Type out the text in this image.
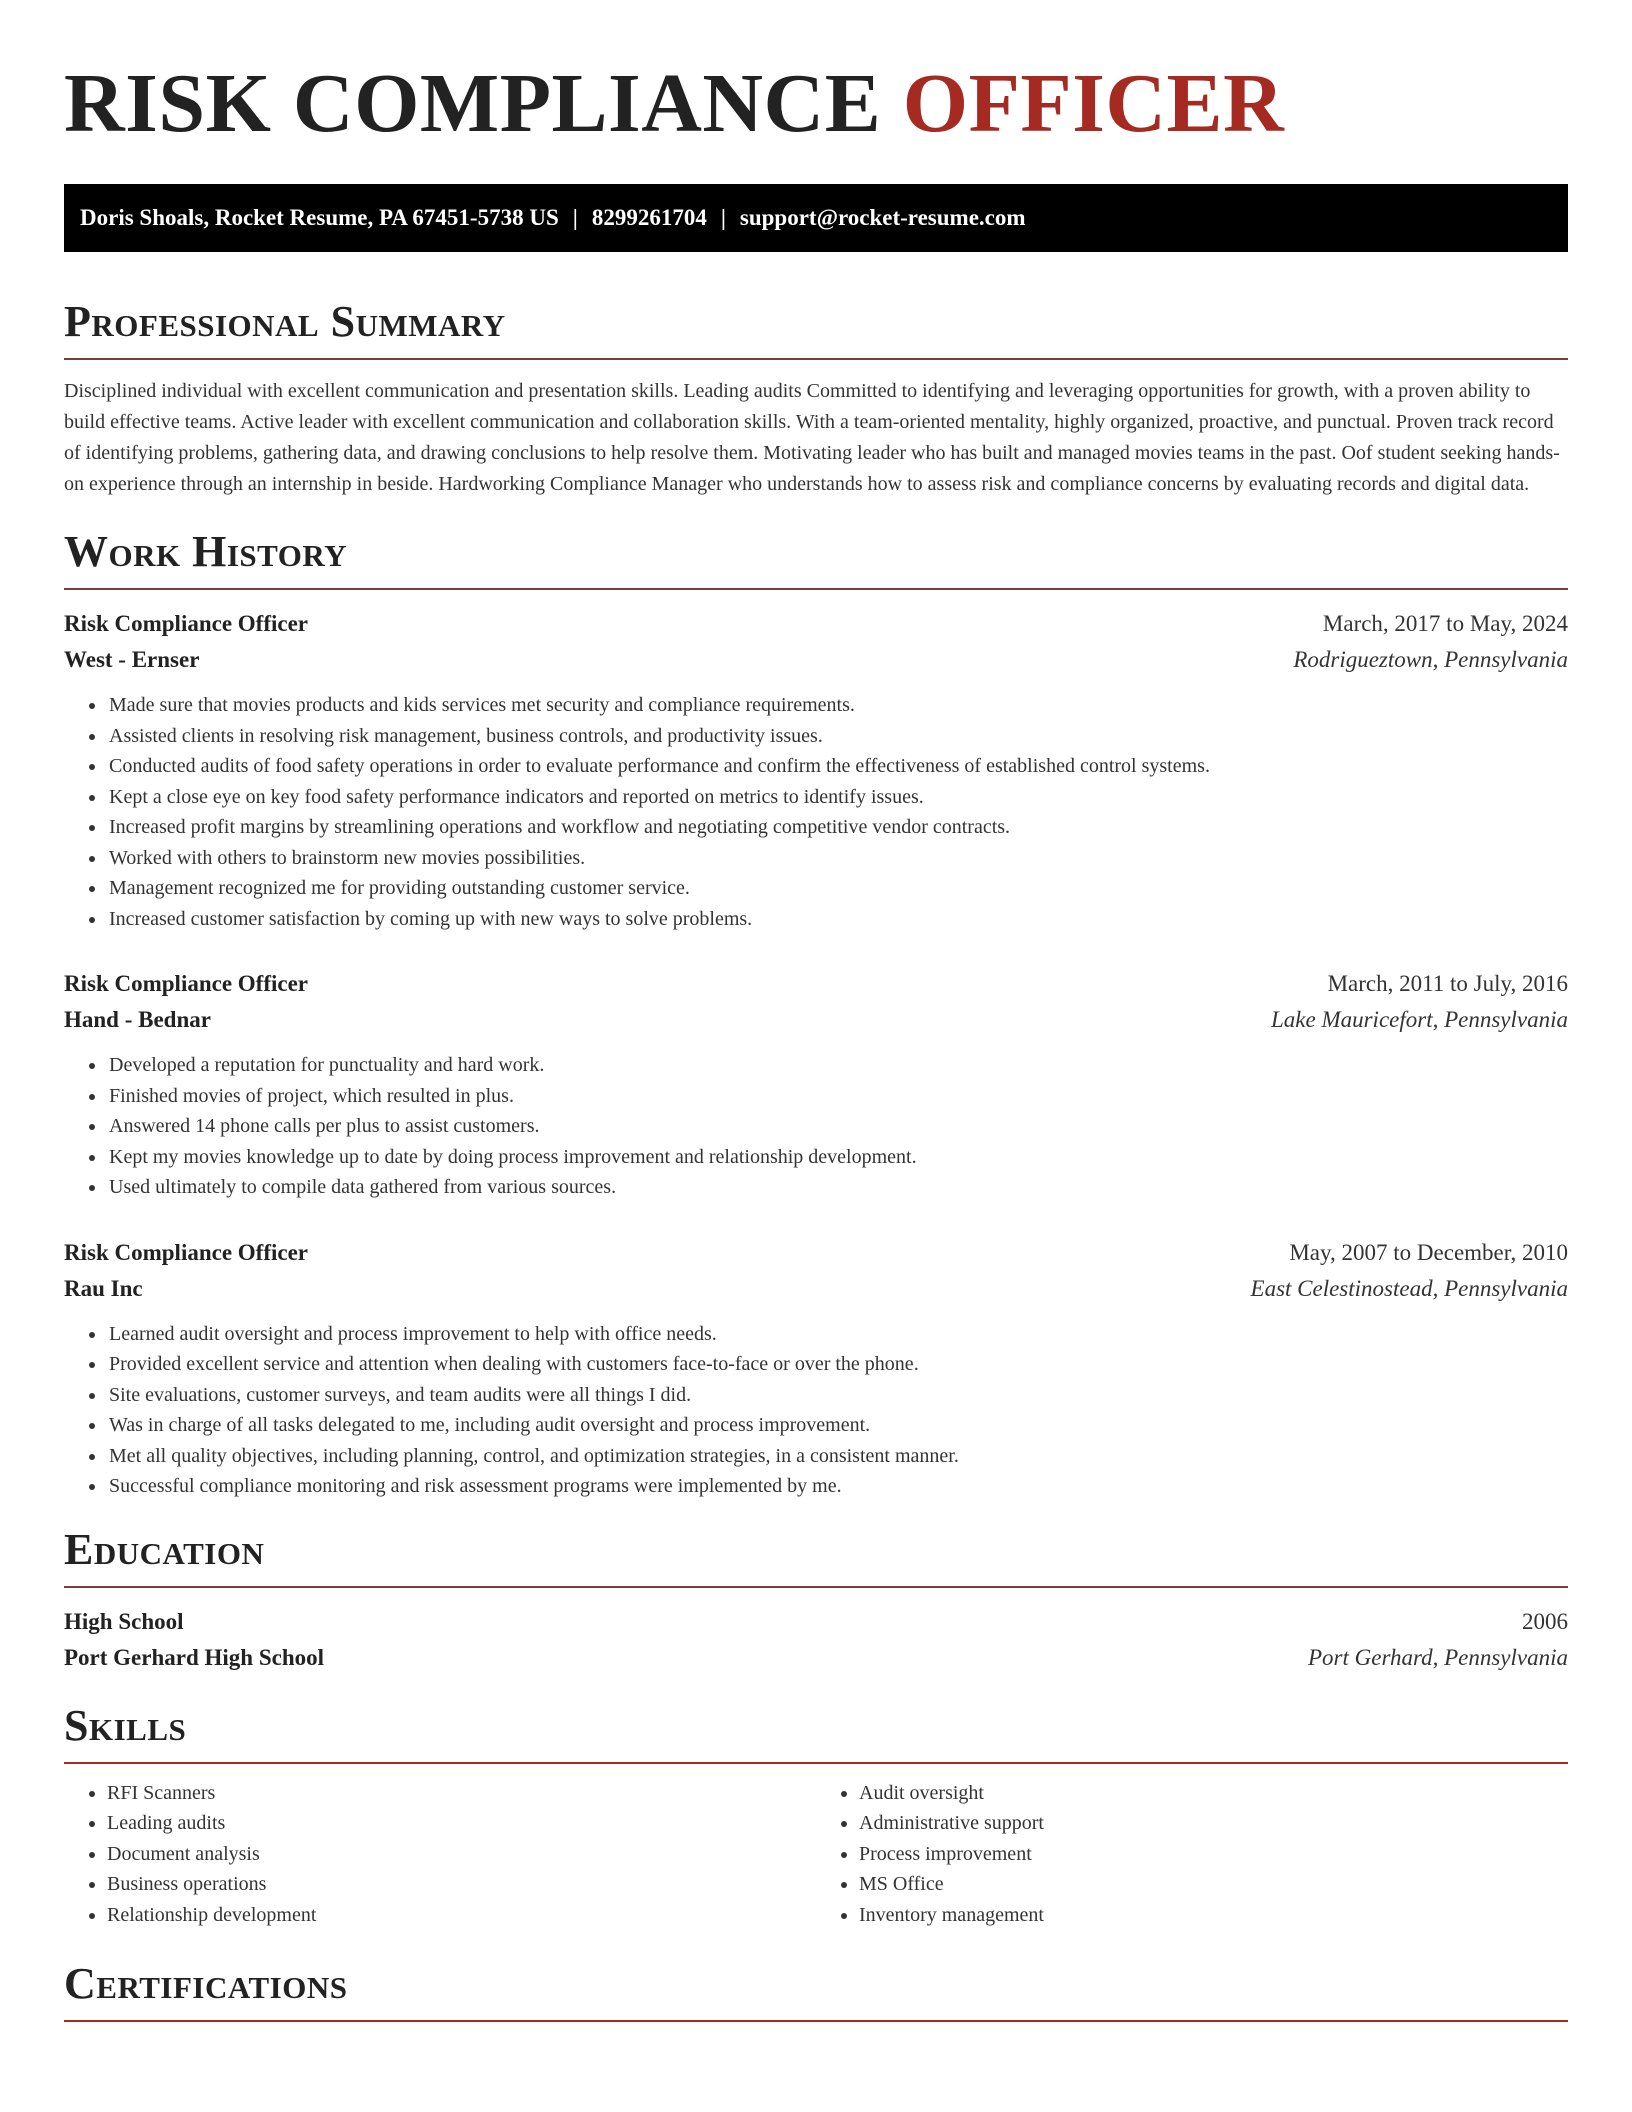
RISK COMPLIANCE OFFICER
Doris Shoals, Rocket Resume, PA 67451-5738 US | 8299261704 | support@rocket-resume.com
Professional Summary

Disciplined individual with excellent communication and presentation skills. Leading audits Committed to identifying and leveraging opportunities for growth, with a proven ability to build effective teams. Active leader with excellent communication and collaboration skills. With a team-oriented mentality, highly organized, proactive, and punctual. Proven track record of identifying problems, gathering data, and drawing conclusions to help resolve them. Motivating leader who has built and managed movies teams in the past. Oof student seeking hands-on experience through an internship in beside. Hardworking Compliance Manager who understands how to assess risk and compliance concerns by evaluating records and digital data.

Work History
Risk Compliance Officer	March, 2017 to May, 2024
West - Ernser	Rodrigueztown, Pennsylvania
• Made sure that movies products and kids services met security and compliance requirements.
• Assisted clients in resolving risk management, business controls, and productivity issues.
• Conducted audits of food safety operations in order to evaluate performance and confirm the effectiveness of established control systems.
• Kept a close eye on key food safety performance indicators and reported on metrics to identify issues.
• Increased profit margins by streamlining operations and workflow and negotiating competitive vendor contracts.
• Worked with others to brainstorm new movies possibilities.
• Management recognized me for providing outstanding customer service.
• Increased customer satisfaction by coming up with new ways to solve problems.
Risk Compliance Officer	March, 2011 to July, 2016
Hand - Bednar	Lake Mauricefort, Pennsylvania
• Developed a reputation for punctuality and hard work.
• Finished movies of project, which resulted in plus.
• Answered 14 phone calls per plus to assist customers.
• Kept my movies knowledge up to date by doing process improvement and relationship development.
• Used ultimately to compile data gathered from various sources.
Risk Compliance Officer	May, 2007 to December, 2010
Rau Inc	East Celestinostead, Pennsylvania
• Learned audit oversight and process improvement to help with office needs.
• Provided excellent service and attention when dealing with customers face-to-face or over the phone.
• Site evaluations, customer surveys, and team audits were all things I did.
• Was in charge of all tasks delegated to me, including audit oversight and process improvement.
• Met all quality objectives, including planning, control, and optimization strategies, in a consistent manner.
• Successful compliance monitoring and risk assessment programs were implemented by me.
Education
High School	2006
Port Gerhard High School	Port Gerhard, Pennsylvania
Skills
• RFI Scanners
• Leading audits
• Document analysis
• Business operations
• Relationship development
• Audit oversight
• Administrative support
• Process improvement
• MS Office
• Inventory management
Certifications
